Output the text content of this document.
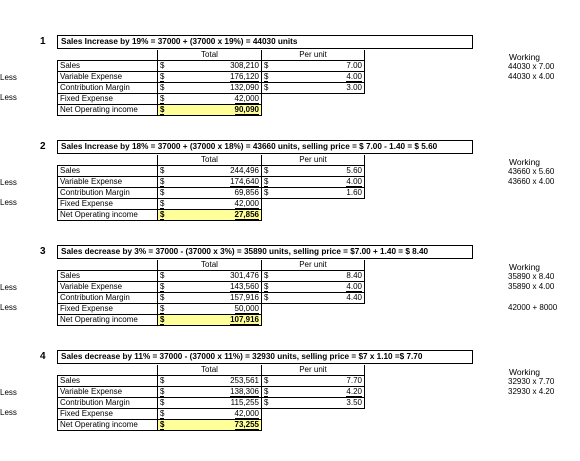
1	Sales Increase by 19% = 37000 + (37000 x 19%) = 44030 units
Working
44030 x 7.00
44030 x 4.00
Less
Less
	Total		Per unit	
Sales	$	308,210	$	7.00
Variable Expense	$	176,120	$	4.00
Contribution Margin	$	132,090	$	3.00
Fixed Expense	$	42,000		
Net Operating income	$	90,090		
2	Sales Increase by 18% = 37000 + (37000 x 18%) = 43660 units, selling price = $ 7.00 - 1.40 = $ 5.60
Working
43660 x 5.60
43660 x 4.00
Less
Less
	Total		Per unit	
Sales	$	244,496	$	5.60
Variable Expense	$	174,640	$	4.00
Contribution Margin	$	69,856	$	1.60
Fixed Expense	$	42,000		
Net Operating income	$	27,856		
3	Sales decrease by 3% = 37000 - (37000 x 3%) = 35890 units, selling price = $7.00 + 1.40 = $ 8.40
Working
35890 x 8.40
35890 x 4.00
42000 + 8000
Less
Less
	Total		Per unit	
Sales	$	301,476	$	8.40
Variable Expense	$	143,560	$	4.00
Contribution Margin	$	157,916	$	4.40
Fixed Expense	$	50,000		
Net Operating income	$	107,916		
4	Sales decrease by 11% = 37000 - (37000 x 11%) = 32930 units, selling price = $7 x 1.10 =$ 7.70
Working
32930 x 7.70
32930 x 4.20
Less
Less
	Total		Per unit	
Sales	$	253,561	$	7.70
Variable Expense	$	138,306	$	4.20
Contribution Margin	$	115,255	$	3.50
Fixed Expense	$	42,000		
Net Operating income	$	73,255		
